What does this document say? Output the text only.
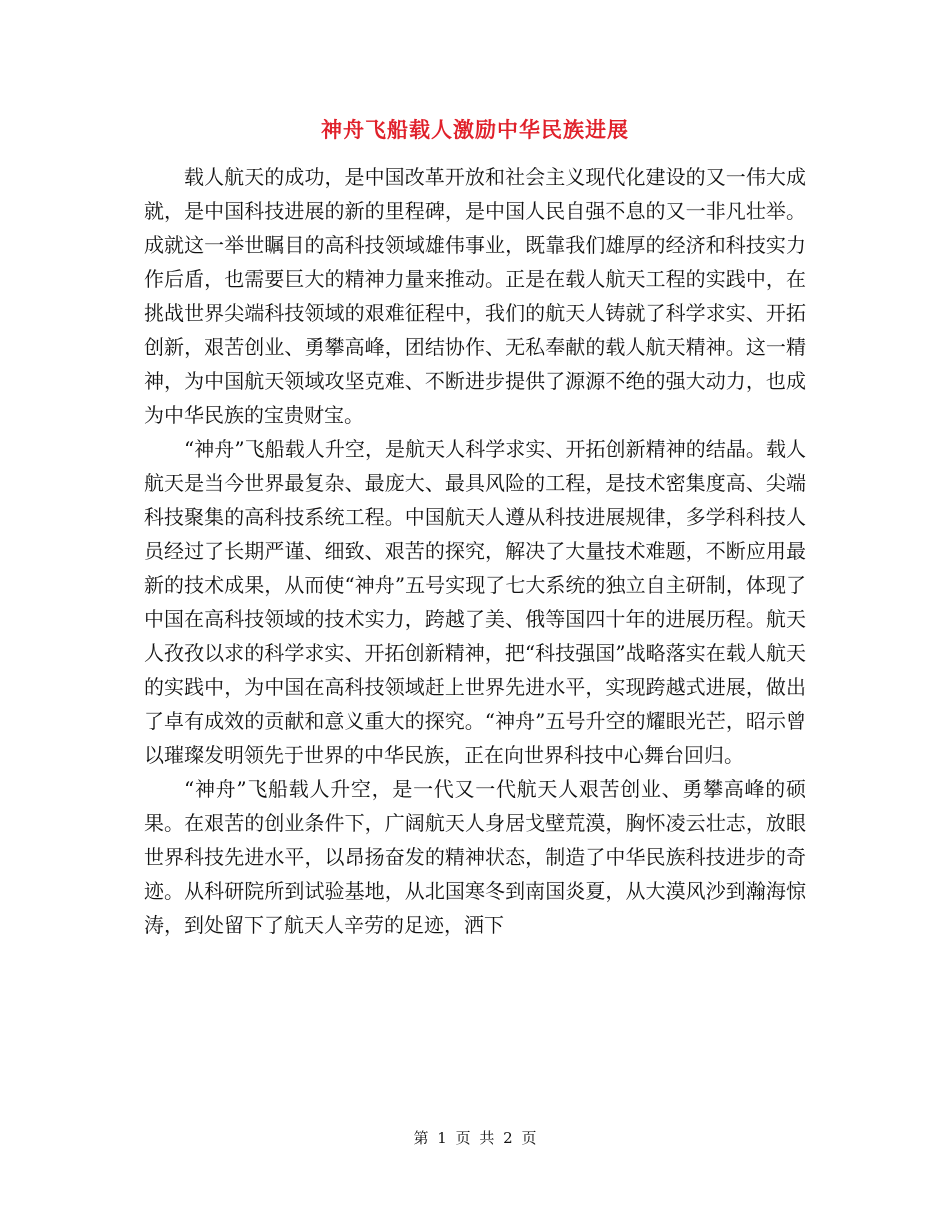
神舟飞船载人激励中华民族进展

载人航天的成功，是中国改革开放和社会主义现代化建设的又一伟大成就，是中国科技进展的新的里程碑，是中国人民自强不息的又一非凡壮举。成就这一举世瞩目的高科技领域雄伟事业，既靠我们雄厚的经济和科技实力作后盾，也需要巨大的精神力量来推动。正是在载人航天工程的实践中，在挑战世界尖端科技领域的艰难征程中，我们的航天人铸就了科学求实、开拓创新，艰苦创业、勇攀高峰，团结协作、无私奉献的载人航天精神。这一精神，为中国航天领域攻坚克难、不断进步提供了源源不绝的强大动力，也成为中华民族的宝贵财宝。

“神舟”飞船载人升空，是航天人科学求实、开拓创新精神的结晶。载人航天是当今世界最复杂、最庞大、最具风险的工程，是技术密集度高、尖端科技聚集的高科技系统工程。中国航天人遵从科技进展规律，多学科科技人员经过了长期严谨、细致、艰苦的探究，解决了大量技术难题，不断应用最新的技术成果，从而使“神舟”五号实现了七大系统的独立自主研制，体现了中国在高科技领域的技术实力，跨越了美、俄等国四十年的进展历程。航天人孜孜以求的科学求实、开拓创新精神，把“科技强国”战略落实在载人航天的实践中，为中国在高科技领域赶上世界先进水平，实现跨越式进展，做出了卓有成效的贡献和意义重大的探究。“神舟”五号升空的耀眼光芒，昭示曾以璀璨发明领先于世界的中华民族，正在向世界科技中心舞台回归。

“神舟”飞船载人升空，是一代又一代航天人艰苦创业、勇攀高峰的硕果。在艰苦的创业条件下，广阔航天人身居戈壁荒漠，胸怀凌云壮志，放眼世界科技先进水平，以昂扬奋发的精神状态，制造了中华民族科技进步的奇迹。从科研院所到试验基地，从北国寒冬到南国炎夏，从大漠风沙到瀚海惊涛，到处留下了航天人辛劳的足迹，洒下

第 1 页 共 2 页
